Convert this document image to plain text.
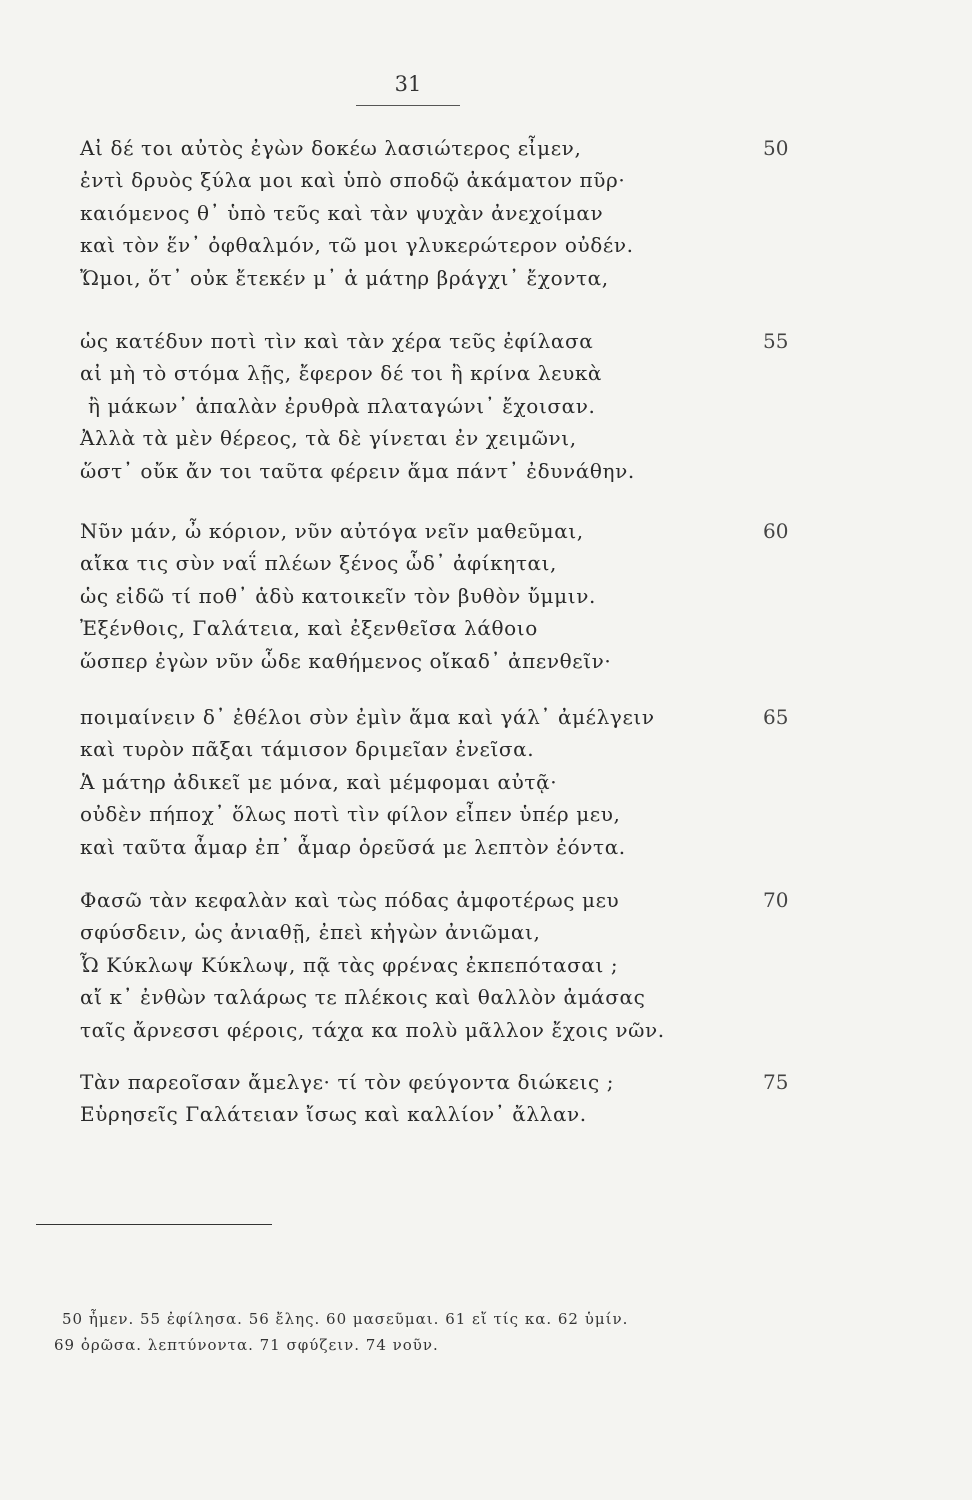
31
Αἰ δέ τοι αὐτὸς ἐγὼν δοκέω λασιώτερος εἶμεν,	50
ἐντὶ δρυὸς ξύλα μοι καὶ ὑπὸ σποδῷ ἀκάματον πῦρ·
καιόμενος θ᾽ ὑπὸ τεῦς καὶ τὰν ψυχὰν ἀνεχοίμαν
καὶ τὸν ἕν᾽ ὀφθαλμόν, τῶ μοι γλυκερώτερον οὐδέν.
Ὤμοι, ὅτ᾽ οὐκ ἔτεκέν μ᾽ ἁ μάτηρ βράγχι᾽ ἔχοντα,
ὡς κατέδυν ποτὶ τὶν καὶ τὰν χέρα τεῦς ἐφίλασα	55
αἰ μὴ τὸ στόμα λῇς, ἔφερον δέ τοι ἢ κρίνα λευκὰ
ἢ μάκων᾽ ἁπαλὰν ἐρυθρὰ πλαταγώνι᾽ ἔχοισαν.
Ἀλλὰ τὰ μὲν θέρεος, τὰ δὲ γίνεται ἐν χειμῶνι,
ὥστ᾽ οὔκ ἄν τοι ταῦτα φέρειν ἅμα πάντ᾽ ἐδυνάθην.
Νῦν μάν, ὦ κόριον, νῦν αὐτόγα νεῖν μαθεῦμαι,	60
αἴκα τις σὺν ναΐ πλέων ξένος ὧδ᾽ ἀφίκηται,
ὡς εἰδῶ τί ποθ᾽ ἁδὺ κατοικεῖν τὸν βυθὸν ὔμμιν.
Ἐξένθοις, Γαλάτεια, καὶ ἐξενθεῖσα λάθοιο
ὥσπερ ἐγὼν νῦν ὧδε καθήμενος οἴκαδ᾽ ἀπενθεῖν·
ποιμαίνειν δ᾽ ἐθέλοι σὺν ἐμὶν ἅμα καὶ γάλ᾽ ἀμέλγειν	65
καὶ τυρὸν πᾶξαι τάμισον δριμεῖαν ἐνεῖσα.
Ἁ μάτηρ ἀδικεῖ με μόνα, καὶ μέμφομαι αὐτᾷ·
οὐδὲν πήποχ᾽ ὅλως ποτὶ τὶν φίλον εἶπεν ὑπέρ μευ,
καὶ ταῦτα ἆμαρ ἐπ᾽ ἆμαρ ὁρεῦσά με λεπτὸν ἐόντα.
Φασῶ τὰν κεφαλὰν καὶ τὼς πόδας ἀμφοτέρως μευ	70
σφύσδειν, ὡς ἀνιαθῇ, ἐπεὶ κἠγὼν ἀνιῶμαι,
Ὦ Κύκλωψ Κύκλωψ, πᾷ τὰς φρένας ἐκπεπότασαι ;
αἴ κ᾽ ἐνθὼν ταλάρως τε πλέκοις καὶ θαλλὸν ἀμάσας
ταῖς ἄρνεσσι φέροις, τάχα κα πολὺ μᾶλλον ἔχοις νῶν.
Τὰν παρεοῖσαν ἄμελγε· τί τὸν φεύγοντα διώκεις ;	75
Εὑρησεῖς Γαλάτειαν ἴσως καὶ καλλίον᾽ ἄλλαν.
50 ἦμεν. 55 ἐφίλησα. 56 ἔλης. 60 μασεῦμαι. 61 εἴ τίς κα. 62 ὑμίν.
69 ὀρῶσα. λεπτύνοντα. 71 σφύζειν. 74 νοῦν.
